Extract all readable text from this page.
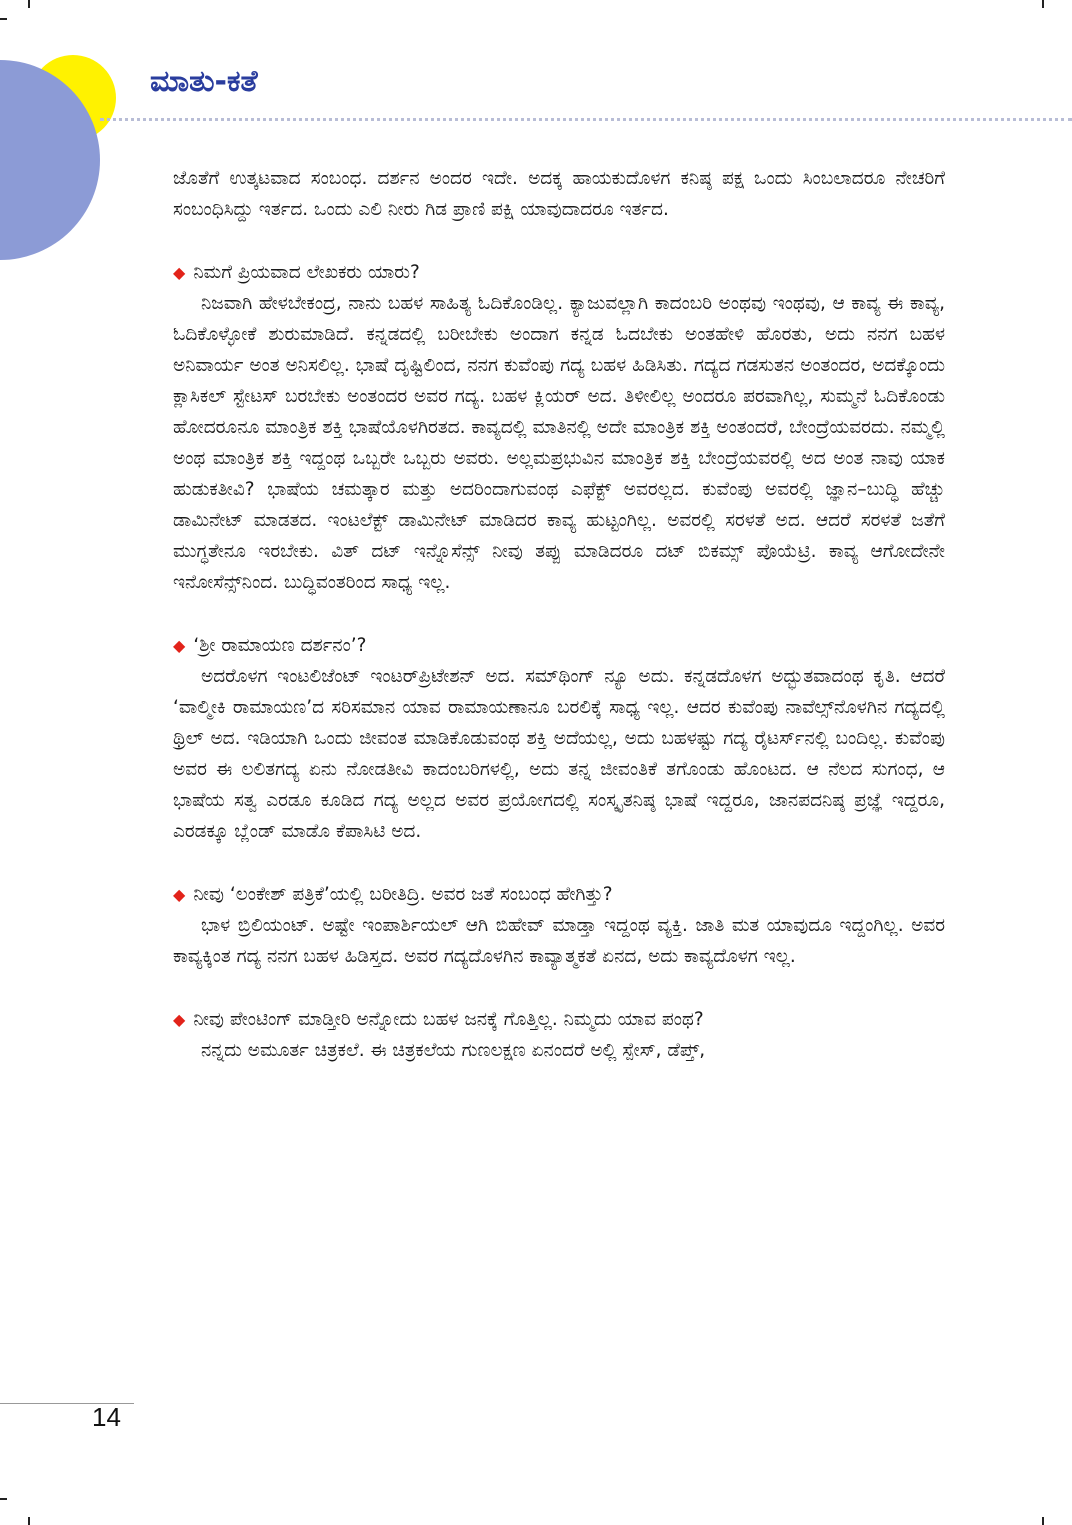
ಮಾತು-ಕತೆ

ಜೊತೆಗೆ ಉತ್ಕಟವಾದ ಸಂಬಂಧ. ದರ್ಶನ ಅಂದರ ಇದೇ. ಅದಕ್ಕ ಹಾಯಕುದೊಳಗ ಕನಿಷ್ಠ ಪಕ್ಷ ಒಂದು ಸಿಂಬಲಾದರೂ ನೇಚರಿಗೆ ಸಂಬಂಧಿಸಿದ್ದು ಇರ್ತದ. ಒಂದು ಎಲಿ ನೀರು ಗಿಡ ಪ್ರಾಣಿ ಪಕ್ಷಿ ಯಾವುದಾದರೂ ಇರ್ತದ.

◆ ನಿಮಗೆ ಪ್ರಿಯವಾದ ಲೇಖಕರು ಯಾರು?

ನಿಜವಾಗಿ ಹೇಳಬೇಕಂದ್ರ, ನಾನು ಬಹಳ ಸಾಹಿತ್ಯ ಓದಿಕೊಂಡಿಲ್ಲ. ಕ್ಯಾಜುವಲ್ಲಾಗಿ ಕಾದಂಬರಿ ಅಂಥವು ಇಂಥವು, ಆ ಕಾವ್ಯ ಈ ಕಾವ್ಯ, ಓದಿಕೊಳ್ಳೋಕೆ ಶುರುಮಾಡಿದೆ. ಕನ್ನಡದಲ್ಲಿ ಬರೀಬೇಕು ಅಂದಾಗ ಕನ್ನಡ ಓದಬೇಕು ಅಂತಹೇಳಿ ಹೊರತು, ಅದು ನನಗ ಬಹಳ ಅನಿವಾರ್ಯ ಅಂತ ಅನಿಸಲಿಲ್ಲ. ಭಾಷೆ ದೃಷ್ಟಿಲಿಂದ, ನನಗ ಕುವೆಂಪು ಗದ್ಯ ಬಹಳ ಹಿಡಿಸಿತು. ಗದ್ಯದ ಗಡಸುತನ ಅಂತಂದರ, ಅದಕ್ಕೊಂದು ಕ್ಲಾಸಿಕಲ್ ಸ್ಟೇಟಸ್ ಬರಬೇಕು ಅಂತಂದರ ಅವರ ಗದ್ಯ. ಬಹಳ ಕ್ಲಿಯರ್ ಅದ. ತಿಳೀಲಿಲ್ಲ ಅಂದರೂ ಪರವಾಗಿಲ್ಲ, ಸುಮ್ಮನೆ ಓದಿಕೊಂಡು ಹೋದರೂನೂ ಮಾಂತ್ರಿಕ ಶಕ್ತಿ ಭಾಷೆಯೊಳಗಿರತದ. ಕಾವ್ಯದಲ್ಲಿ ಮಾತಿನಲ್ಲಿ ಅದೇ ಮಾಂತ್ರಿಕ ಶಕ್ತಿ ಅಂತಂದರೆ, ಬೇಂದ್ರೆಯವರದು. ನಮ್ಮಲ್ಲಿ ಅಂಥ ಮಾಂತ್ರಿಕ ಶಕ್ತಿ ಇದ್ದಂಥ ಒಬ್ಬರೇ ಒಬ್ಬರು ಅವರು. ಅಲ್ಲಮಪ್ರಭುವಿನ ಮಾಂತ್ರಿಕ ಶಕ್ತಿ ಬೇಂದ್ರೆಯವರಲ್ಲಿ ಅದ ಅಂತ ನಾವು ಯಾಕ ಹುಡುಕತೀವಿ? ಭಾಷೆಯ ಚಮತ್ಕಾರ ಮತ್ತು ಅದರಿಂದಾಗುವಂಥ ಎಫೆಕ್ಟ್ ಅವರಲ್ಲದ. ಕುವೆಂಪು ಅವರಲ್ಲಿ ಜ್ಞಾನ–ಬುದ್ಧಿ ಹೆಚ್ಚು ಡಾಮಿನೇಟ್ ಮಾಡತದ. ಇಂಟಲೆಕ್ಟ್ ಡಾಮಿನೇಟ್ ಮಾಡಿದರ ಕಾವ್ಯ ಹುಟ್ಟಂಗಿಲ್ಲ. ಅವರಲ್ಲಿ ಸರಳತೆ ಅದ. ಆದರೆ ಸರಳತೆ ಜತೆಗೆ ಮುಗ್ಧತೇನೂ ಇರಬೇಕು. ವಿತ್ ದಟ್ ಇನ್ನೊಸೆನ್ಸ್ ನೀವು ತಪ್ಪು ಮಾಡಿದರೂ ದಟ್ ಬಿಕಮ್ಸ್ ಪೊಯೆಟ್ರಿ. ಕಾವ್ಯ ಆಗೋದೇನೇ ಇನೋಸೆನ್ಸ್‌ನಿಂದ. ಬುದ್ಧಿವಂತರಿಂದ ಸಾಧ್ಯ ಇಲ್ಲ.

◆ ‘ಶ್ರೀ ರಾಮಾಯಣ ದರ್ಶನಂ’?

ಅದರೊಳಗ ಇಂಟಲಿಜೆಂಟ್ ಇಂಟರ್‌ಪ್ರಿಟೇಶನ್ ಅದ. ಸಮ್‌ಥಿಂಗ್ ನ್ಯೂ ಅದು. ಕನ್ನಡದೊಳಗ ಅದ್ಭುತವಾದಂಥ ಕೃತಿ. ಆದರೆ ‘ವಾಲ್ಮೀಕಿ ರಾಮಾಯಣ’ದ ಸರಿಸಮಾನ ಯಾವ ರಾಮಾಯಣಾನೂ ಬರಲಿಕ್ಕೆ ಸಾಧ್ಯ ಇಲ್ಲ. ಆದರ ಕುವೆಂಪು ನಾವೆಲ್ಸ್‌ನೊಳಗಿನ ಗದ್ಯದಲ್ಲಿ ಥ್ರಿಲ್ ಅದ. ಇಡಿಯಾಗಿ ಒಂದು ಜೀವಂತ ಮಾಡಿಕೊಡುವಂಥ ಶಕ್ತಿ ಅದೆಯಲ್ಲ, ಅದು ಬಹಳಷ್ಟು ಗದ್ಯ ರೈಟರ್ಸ್‌ನಲ್ಲಿ ಬಂದಿಲ್ಲ. ಕುವೆಂಪು ಅವರ ಈ ಲಲಿತಗದ್ಯ ಏನು ನೋಡತೀವಿ ಕಾದಂಬರಿಗಳಲ್ಲಿ, ಅದು ತನ್ನ ಜೀವಂತಿಕೆ ತಗೊಂಡು ಹೊಂಟದ. ಆ ನೆಲದ ಸುಗಂಧ, ಆ ಭಾಷೆಯ ಸತ್ವ ಎರಡೂ ಕೂಡಿದ ಗದ್ಯ ಅಲ್ಲದ ಅವರ ಪ್ರಯೋಗದಲ್ಲಿ ಸಂಸ್ಕೃತನಿಷ್ಠ ಭಾಷೆ ಇದ್ದರೂ, ಜಾನಪದನಿಷ್ಠ ಪ್ರಜ್ಞೆ ಇದ್ದರೂ, ಎರಡಕ್ಕೂ ಬ್ಲೆಂಡ್ ಮಾಡೊ ಕೆಪಾಸಿಟಿ ಅದ.

◆ ನೀವು ‘ಲಂಕೇಶ್ ಪತ್ರಿಕೆ’ಯಲ್ಲಿ ಬರೀತಿದ್ರಿ. ಅವರ ಜತೆ ಸಂಬಂಧ ಹೇಗಿತ್ತು?

ಭಾಳ ಬ್ರಿಲಿಯಂಟ್. ಅಷ್ಟೇ ಇಂಪಾರ್ಶಿಯಲ್ ಆಗಿ ಬಿಹೇವ್ ಮಾಡ್ತಾ ಇದ್ದಂಥ ವ್ಯಕ್ತಿ. ಜಾತಿ ಮತ ಯಾವುದೂ ಇದ್ದಂಗಿಲ್ಲ. ಅವರ ಕಾವ್ಯಕ್ಕಿಂತ ಗದ್ಯ ನನಗ ಬಹಳ ಹಿಡಿಸ್ತದ. ಅವರ ಗದ್ಯದೊಳಗಿನ ಕಾವ್ಯಾತ್ಮಕತೆ ಏನದ, ಅದು ಕಾವ್ಯದೊಳಗ ಇಲ್ಲ.

◆ ನೀವು ಪೇಂಟಿಂಗ್ ಮಾಡ್ತೀರಿ ಅನ್ನೋದು ಬಹಳ ಜನಕ್ಕೆ ಗೊತ್ತಿಲ್ಲ. ನಿಮ್ಮದು ಯಾವ ಪಂಥ?

ನನ್ನದು ಅಮೂರ್ತ ಚಿತ್ರಕಲೆ. ಈ ಚಿತ್ರಕಲೆಯ ಗುಣಲಕ್ಷಣ ಏನಂದರೆ ಅಲ್ಲಿ ಸ್ಪೇಸ್, ಡೆಪ್ತ್,

14
